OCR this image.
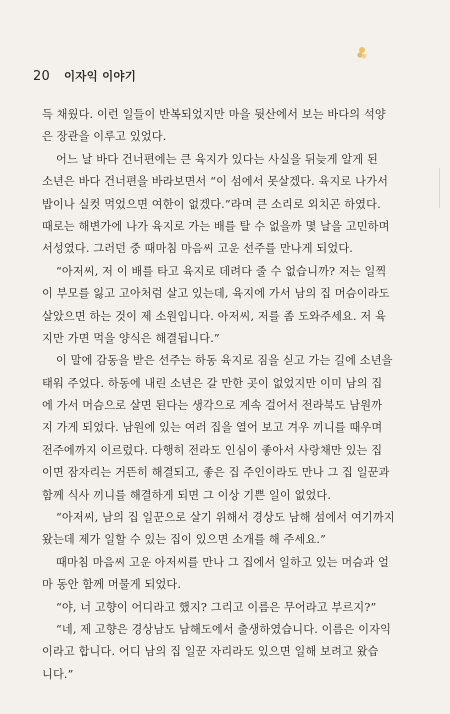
20 이자익 이야기
득 채웠다. 이런 일들이 반복되었지만 마을 뒷산에서 보는 바다의 석양
은 장관을 이루고 있었다.
어느 날 바다 건너편에는 큰 육지가 있다는 사실을 뒤늦게 알게 된
소년은 바다 건너편을 바라보면서 “이 섬에서 못살겠다. 육지로 나가서
밥이나 실컷 먹었으면 여한이 없겠다.”라며 큰 소리로 외치곤 하였다.
때로는 해변가에 나가 육지로 가는 배를 탈 수 없을까 몇 날을 고민하며
서성였다. 그러던 중 때마침 마음씨 고운 선주를 만나게 되었다.
“아저씨, 저 이 배를 타고 육지로 데려다 줄 수 없습니까? 저는 일찍
이 부모를 잃고 고아처럼 살고 있는데, 육지에 가서 남의 집 머슴이라도
살았으면 하는 것이 제 소원입니다. 아저씨, 저를 좀 도와주세요. 저 육
지만 가면 먹을 양식은 해결됩니다.”
이 말에 감동을 받은 선주는 하동 육지로 짐을 싣고 가는 길에 소년을
태워 주었다. 하동에 내린 소년은 갈 만한 곳이 없었지만 이미 남의 집
에 가서 머슴으로 살면 된다는 생각으로 계속 걸어서 전라북도 남원까
지 가게 되었다. 남원에 있는 여러 집을 열어 보고 겨우 끼니를 때우며
전주에까지 이르렀다. 다행히 전라도 인심이 좋아서 사랑채만 있는 집
이면 잠자리는 거뜬히 해결되고, 좋은 집 주인이라도 만나 그 집 일꾼과
함께 식사 끼니를 해결하게 되면 그 이상 기쁜 일이 없었다.
“아저씨, 남의 집 일꾼으로 살기 위해서 경상도 남해 섬에서 여기까지
왔는데 제가 일할 수 있는 집이 있으면 소개를 해 주세요.”
때마침 마음씨 고운 아저씨를 만나 그 집에서 일하고 있는 머슴과 얼
마 동안 함께 머물게 되었다.
“야, 너 고향이 어디라고 했지? 그리고 이름은 무어라고 부르지?”
“네, 제 고향은 경상남도 남해도에서 출생하였습니다. 이름은 이자익
이라고 합니다. 어디 남의 집 일꾼 자리라도 있으면 일해 보려고 왔습
니다.”
